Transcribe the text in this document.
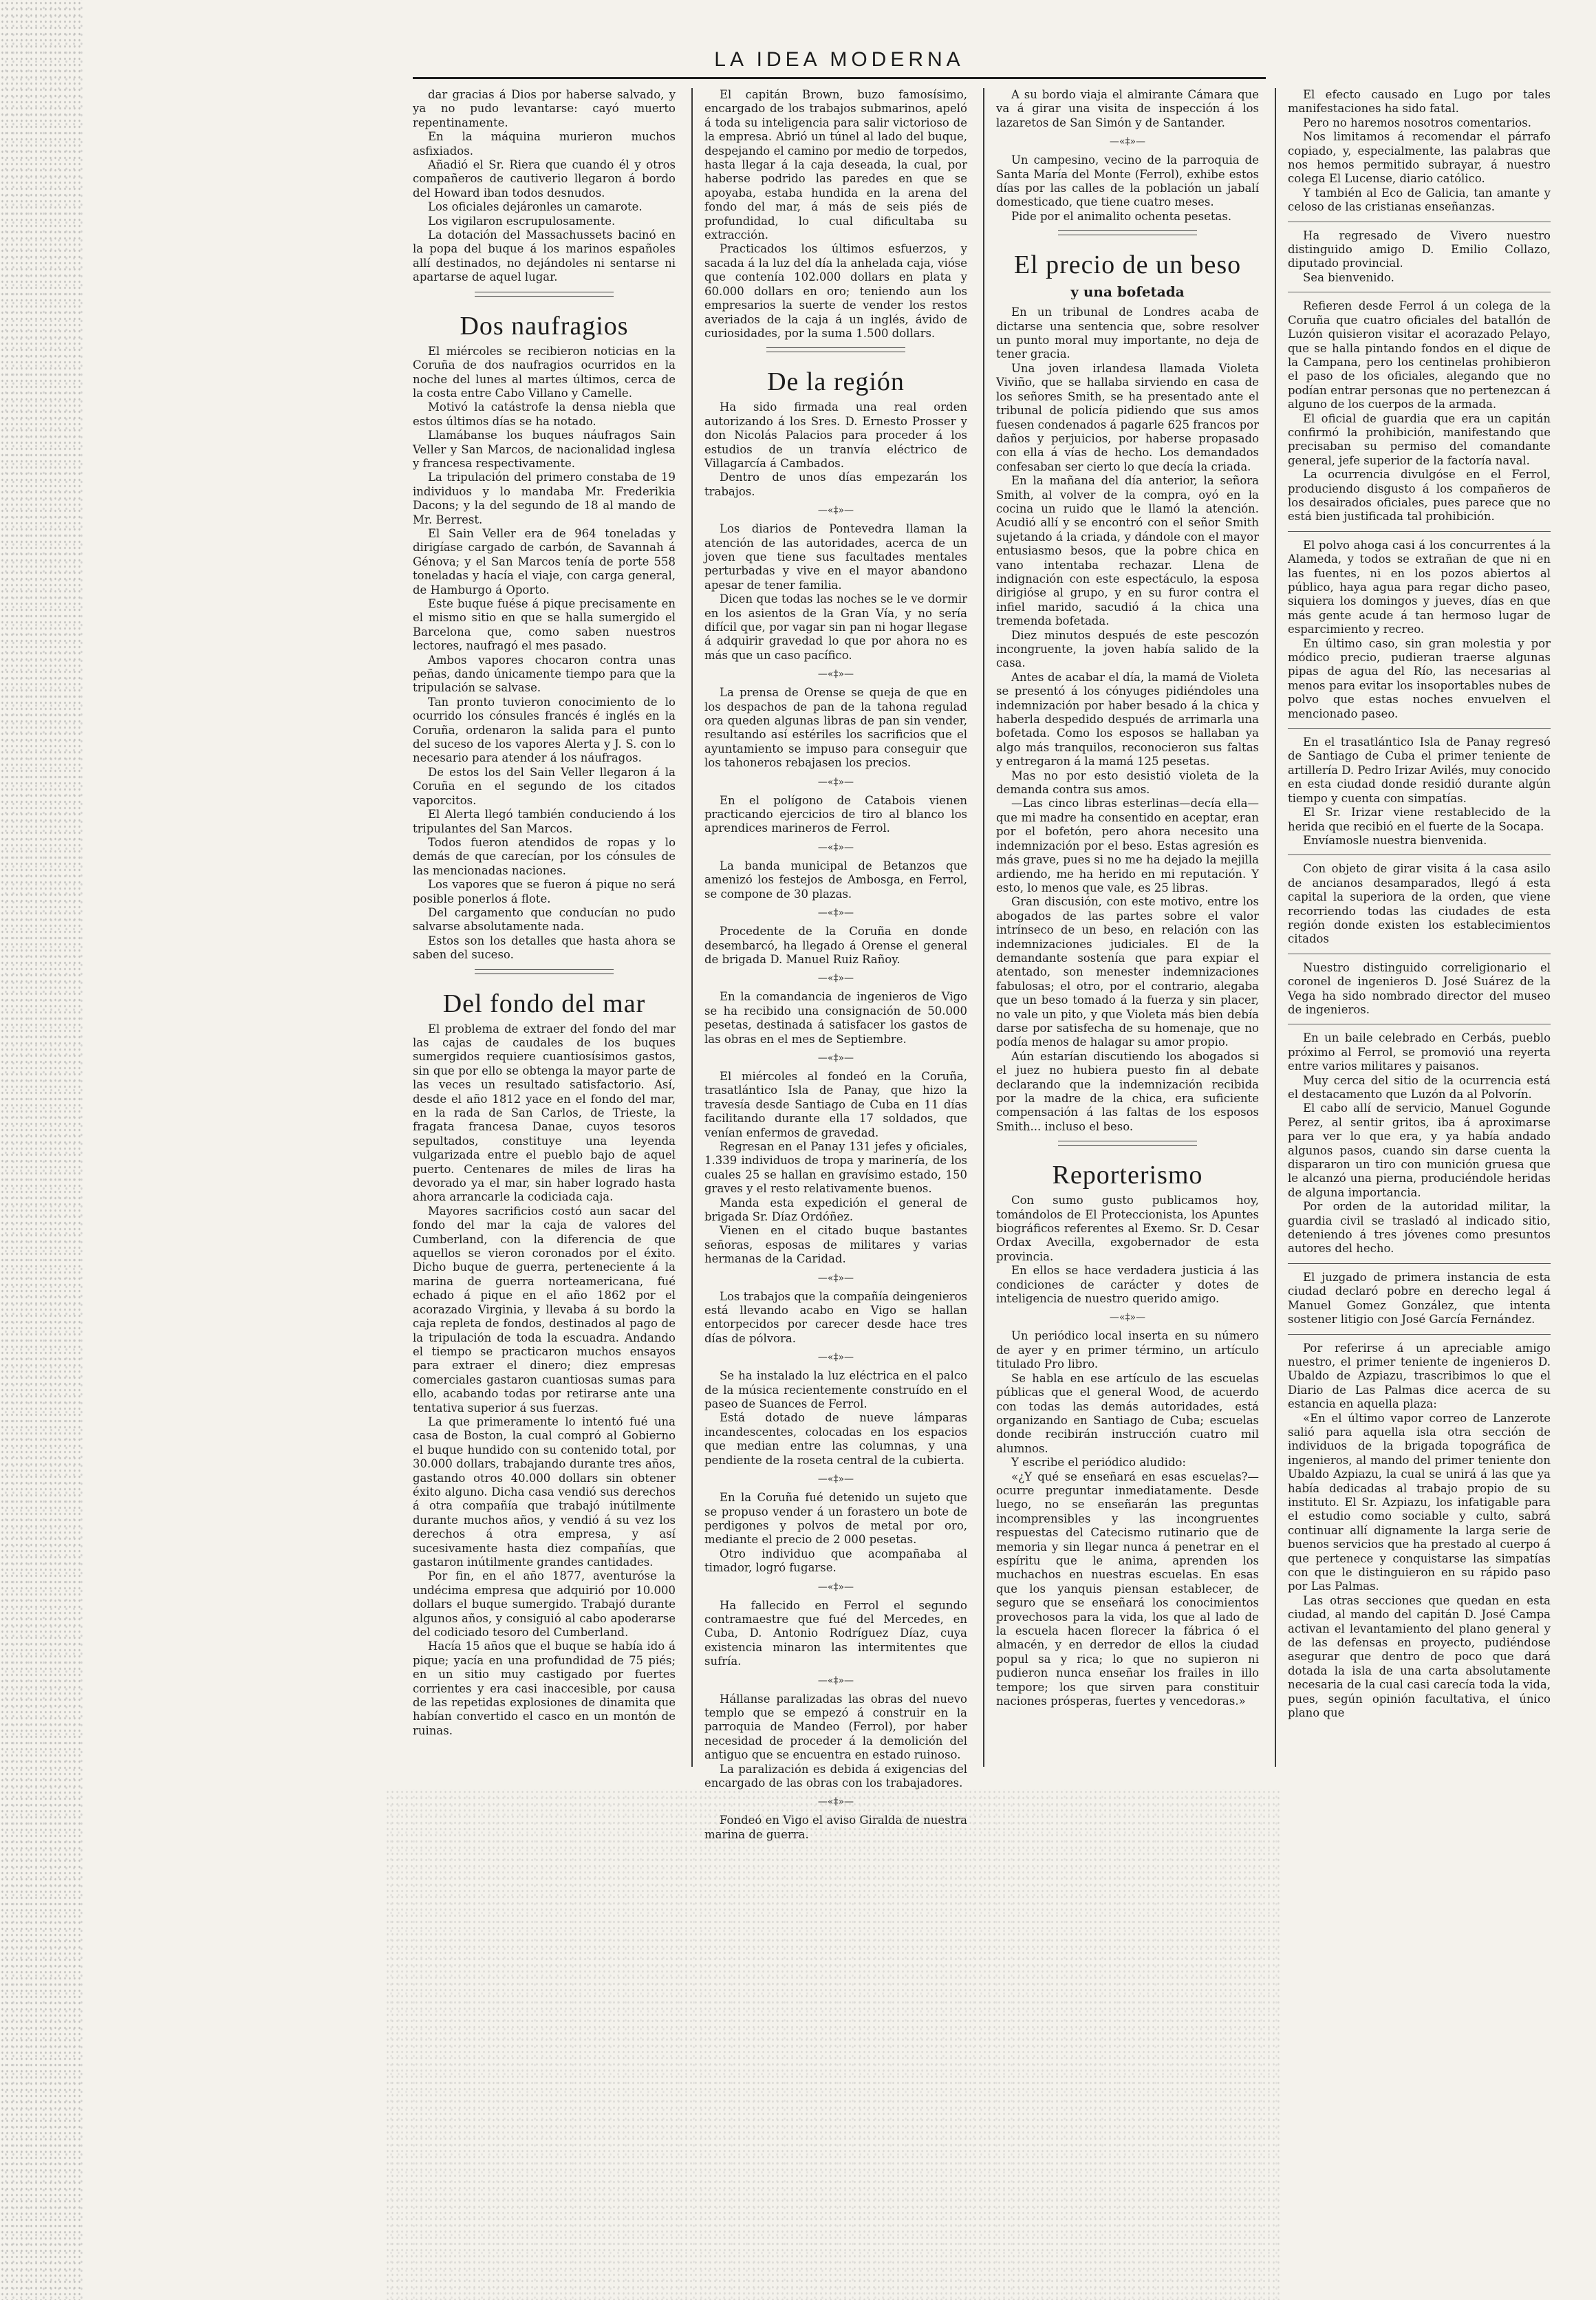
LA IDEA MODERNA

dar gracias á Dios por haberse salvado, y ya no pudo levantarse: cayó muerto repentinamente.

En la máquina murieron muchos asfixiados.

Añadió el Sr. Riera que cuando él y otros compañeros de cautiverio llegaron á bordo del Howard iban todos desnudos.

Los oficiales dejáronles un camarote.

Los vigilaron escrupulosamente.

La dotación del Massachussets bacinó en la popa del buque á los marinos españoles allí destinados, no dejándoles ni sentarse ni apartarse de aquel lugar.

Dos naufragios

El miércoles se recibieron noticias en la Coruña de dos naufragios ocurridos en la noche del lunes al martes últimos, cerca de la costa entre Cabo Villano y Camelle.

Motivó la catástrofe la densa niebla que estos últimos días se ha notado.

Llamábanse los buques náufragos Sain Veller y San Marcos, de nacionalidad inglesa y francesa respectivamente.

La tripulación del primero constaba de 19 individuos y lo mandaba Mr. Frederikia Dacons; y la del segundo de 18 al mando de Mr. Berrest.

El Sain Veller era de 964 toneladas y dirigíase cargado de carbón, de Savannah á Génova; y el San Marcos tenía de porte 558 toneladas y hacía el viaje, con carga general, de Hamburgo á Oporto.

Este buque fuése á pique precisamente en el mismo sitio en que se halla sumergido el Barcelona que, como saben nuestros lectores, naufragó el mes pasado.

Ambos vapores chocaron contra unas peñas, dando únicamente tiempo para que la tripulación se salvase.

Tan pronto tuvieron conocimiento de lo ocurrido los cónsules francés é inglés en la Coruña, ordenaron la salida para el punto del suceso de los vapores Alerta y J. S. con lo necesario para atender á los náufragos.

De estos los del Sain Veller llegaron á la Coruña en el segundo de los citados vaporcitos.

El Alerta llegó también conduciendo á los tripulantes del San Marcos.

Todos fueron atendidos de ropas y lo demás de que carecían, por los cónsules de las mencionadas naciones.

Los vapores que se fueron á pique no será posible ponerlos á flote.

Del cargamento que conducían no pudo salvarse absolutamente nada.

Estos son los detalles que hasta ahora se saben del suceso.

Del fondo del mar

El problema de extraer del fondo del mar las cajas de caudales de los buques sumergidos requiere cuantiosísimos gastos, sin que por ello se obtenga la mayor parte de las veces un resultado satisfactorio. Así, desde el año 1812 yace en el fondo del mar, en la rada de San Carlos, de Trieste, la fragata francesa Danae, cuyos tesoros sepultados, constituye una leyenda vulgarizada entre el pueblo bajo de aquel puerto. Centenares de miles de liras ha devorado ya el mar, sin haber logrado hasta ahora arrancarle la codiciada caja.

Mayores sacrificios costó aun sacar del fondo del mar la caja de valores del Cumberland, con la diferencia de que aquellos se vieron coronados por el éxito. Dicho buque de guerra, perteneciente á la marina de guerra norteamericana, fué echado á pique en el año 1862 por el acorazado Virginia, y llevaba á su bordo la caja repleta de fondos, destinados al pago de la tripulación de toda la escuadra. Andando el tiempo se practicaron muchos ensayos para extraer el dinero; diez empresas comerciales gastaron cuantiosas sumas para ello, acabando todas por retirarse ante una tentativa superior á sus fuerzas.

La que primeramente lo intentó fué una casa de Boston, la cual compró al Gobierno el buque hundido con su contenido total, por 30.000 dollars, trabajando durante tres años, gastando otros 40.000 dollars sin obtener éxito alguno. Dicha casa vendió sus derechos á otra compañía que trabajó inútilmente durante muchos años, y vendió á su vez los derechos á otra empresa, y así sucesivamente hasta diez compañías, que gastaron inútilmente grandes cantidades.

Por fin, en el año 1877, aventuróse la undécima empresa que adquirió por 10.000 dollars el buque sumergido. Trabajó durante algunos años, y consiguió al cabo apoderarse del codiciado tesoro del Cumberland.

Hacía 15 años que el buque se había ido á pique; yacía en una profundidad de 75 piés; en un sitio muy castigado por fuertes corrientes y era casi inaccesible, por causa de las repetidas explosiones de dinamita que habían convertido el casco en un montón de ruinas.

El capitán Brown, buzo famosísimo, encargado de los trabajos submarinos, apeló á toda su inteligencia para salir victorioso de la empresa. Abrió un túnel al lado del buque, despejando el camino por medio de torpedos, hasta llegar á la caja deseada, la cual, por haberse podrido las paredes en que se apoyaba, estaba hundida en la arena del fondo del mar, á más de seis piés de profundidad, lo cual dificultaba su extracción.

Practicados los últimos esfuerzos, y sacada á la luz del día la anhelada caja, vióse que contenía 102.000 dollars en plata y 60.000 dollars en oro; teniendo aun los empresarios la suerte de vender los restos averiados de la caja á un inglés, ávido de curiosidades, por la suma 1.500 dollars.

De la región

Ha sido firmada una real orden autorizando á los Sres. D. Ernesto Prosser y don Nicolás Palacios para proceder á los estudios de un tranvía eléctrico de Villagarcía á Cambados.

Dentro de unos días empezarán los trabajos.

—«‡»—

Los diarios de Pontevedra llaman la atención de las autoridades, acerca de un joven que tiene sus facultades mentales perturbadas y vive en el mayor abandono apesar de tener familia.

Dicen que todas las noches se le ve dormir en los asientos de la Gran Vía, y no sería difícil que, por vagar sin pan ni hogar llegase á adquirir gravedad lo que por ahora no es más que un caso pacífico.

—«‡»—

La prensa de Orense se queja de que en los despachos de pan de la tahona regulad ora queden algunas libras de pan sin vender, resultando así estériles los sacrificios que el ayuntamiento se impuso para conseguir que los tahoneros rebajasen los precios.

—«‡»—

En el polígono de Catabois vienen practicando ejercicios de tiro al blanco los aprendices marineros de Ferrol.

—«‡»—

La banda municipal de Betanzos que amenizó los festejos de Ambosga, en Ferrol, se compone de 30 plazas.

—«‡»—

Procedente de la Coruña en donde desembarcó, ha llegado á Orense el general de brigada D. Manuel Ruiz Rañoy.

—«‡»—

En la comandancia de ingenieros de Vigo se ha recibido una consignación de 50.000 pesetas, destinada á satisfacer los gastos de las obras en el mes de Septiembre.

—«‡»—

El miércoles al fondeó en la Coruña, trasatlántico Isla de Panay, que hizo la travesía desde Santiago de Cuba en 11 días facilitando durante ella 17 soldados, que venían enfermos de gravedad.

Regresan en el Panay 131 jefes y oficiales, 1.339 individuos de tropa y marinería, de los cuales 25 se hallan en gravísimo estado, 150 graves y el resto relativamente buenos.

Manda esta expedición el general de brigada Sr. Díaz Ordóñez.

Vienen en el citado buque bastantes señoras, esposas de militares y varias hermanas de la Caridad.

—«‡»—

Los trabajos que la compañía deingenieros está llevando acabo en Vigo se hallan entorpecidos por carecer desde hace tres días de pólvora.

—«‡»—

Se ha instalado la luz eléctrica en el palco de la música recientemente construído en el paseo de Suances de Ferrol.

Está dotado de nueve lámparas incandescentes, colocadas en los espacios que median entre las columnas, y una pendiente de la roseta central de la cubierta.

—«‡»—

En la Coruña fué detenido un sujeto que se propuso vender á un forastero un bote de perdigones y polvos de metal por oro, mediante el precio de 2 000 pesetas.

Otro individuo que acompañaba al timador, logró fugarse.

—«‡»—

Ha fallecido en Ferrol el segundo contramaestre que fué del Mercedes, en Cuba, D. Antonio Rodríguez Díaz, cuya existencia minaron las intermitentes que sufría.

—«‡»—

Hállanse paralizadas las obras del nuevo templo que se empezó á construir en la parroquia de Mandeo (Ferrol), por haber necesidad de proceder á la demolición del antiguo que se encuentra en estado ruinoso.

La paralización es debida á exigencias del encargado de las obras con los trabajadores.

—«‡»—

Fondeó en Vigo el aviso Giralda de nuestra marina de guerra.

A su bordo viaja el almirante Cámara que va á girar una visita de inspección á los lazaretos de San Simón y de Santander.

—«‡»—

Un campesino, vecino de la parroquia de Santa María del Monte (Ferrol), exhibe estos días por las calles de la población un jabalí domesticado, que tiene cuatro meses.

Pide por el animalito ochenta pesetas.

El precio de un beso
y una bofetada

En un tribunal de Londres acaba de dictarse una sentencia que, sobre resolver un punto moral muy importante, no deja de tener gracia.

Una joven irlandesa llamada Violeta Viviño, que se hallaba sirviendo en casa de los señores Smith, se ha presentado ante el tribunal de policía pidiendo que sus amos fuesen condenados á pagarle 625 francos por daños y perjuicios, por haberse propasado con ella á vías de hecho. Los demandados confesaban ser cierto lo que decía la criada.

En la mañana del día anterior, la señora Smith, al volver de la compra, oyó en la cocina un ruido que le llamó la atención. Acudió allí y se encontró con el señor Smith sujetando á la criada, y dándole con el mayor entusiasmo besos, que la pobre chica en vano intentaba rechazar. Llena de indignación con este espectáculo, la esposa dirigióse al grupo, y en su furor contra el infiel marido, sacudió á la chica una tremenda bofetada.

Diez minutos después de este pescozón incongruente, la joven había salido de la casa.

Antes de acabar el día, la mamá de Violeta se presentó á los cónyuges pidiéndoles una indemnización por haber besado á la chica y haberla despedido después de arrimarla una bofetada. Como los esposos se hallaban ya algo más tranquilos, reconocieron sus faltas y entregaron á la mamá 125 pesetas.

Mas no por esto desistió violeta de la demanda contra sus amos.

—Las cinco libras esterlinas—decía ella—que mi madre ha consentido en aceptar, eran por el bofetón, pero ahora necesito una indemnización por el beso. Estas agresión es más grave, pues si no me ha dejado la mejilla ardiendo, me ha herido en mi reputación. Y esto, lo menos que vale, es 25 libras.

Gran discusión, con este motivo, entre los abogados de las partes sobre el valor intrínseco de un beso, en relación con las indemnizaciones judiciales. El de la demandante sostenía que para expiar el atentado, son menester indemnizaciones fabulosas; el otro, por el contrario, alegaba que un beso tomado á la fuerza y sin placer, no vale un pito, y que Violeta más bien debía darse por satisfecha de su homenaje, que no podía menos de halagar su amor propio.

Aún estarían discutiendo los abogados si el juez no hubiera puesto fin al debate declarando que la indemnización recibida por la madre de la chica, era suficiente compensación á las faltas de los esposos Smith... incluso el beso.

Reporterismo

Con sumo gusto publicamos hoy, tomándolos de El Proteccionista, los Apuntes biográficos referentes al Exemo. Sr. D. Cesar Ordax Avecilla, exgobernador de esta provincia.

En ellos se hace verdadera justicia á las condiciones de carácter y dotes de inteligencia de nuestro querido amigo.

—«‡»—

Un periódico local inserta en su número de ayer y en primer término, un artículo titulado Pro libro.

Se habla en ese artículo de las escuelas públicas que el general Wood, de acuerdo con todas las demás autoridades, está organizando en Santiago de Cuba; escuelas donde recibirán instrucción cuatro mil alumnos.

Y escribe el periódico aludido:

«¿Y qué se enseñará en esas escuelas?—ocurre preguntar inmediatamente. Desde luego, no se enseñarán las preguntas incomprensibles y las incongruentes respuestas del Catecismo rutinario que de memoria y sin llegar nunca á penetrar en el espíritu que le anima, aprenden los muchachos en nuestras escuelas. En esas que los yanquis piensan establecer, de seguro que se enseñará los conocimientos provechosos para la vida, los que al lado de la escuela hacen florecer la fábrica ó el almacén, y en derredor de ellos la ciudad popul sa y rica; lo que no supieron ni pudieron nunca enseñar los frailes in illo tempore; los que sirven para constituir naciones prósperas, fuertes y vencedoras.»

El efecto causado en Lugo por tales manifestaciones ha sido fatal.

Pero no haremos nosotros comentarios.

Nos limitamos á recomendar el párrafo copiado, y, especialmente, las palabras que nos hemos permitido subrayar, á nuestro colega El Lucense, diario católico.

Y también al Eco de Galicia, tan amante y celoso de las cristianas enseñanzas.

Ha regresado de Vivero nuestro distinguido amigo D. Emilio Collazo, diputado provincial.

Sea bienvenido.

Refieren desde Ferrol á un colega de la Coruña que cuatro oficiales del batallón de Luzón quisieron visitar el acorazado Pelayo, que se halla pintando fondos en el dique de la Campana, pero los centinelas prohibieron el paso de los oficiales, alegando que no podían entrar personas que no pertenezcan á alguno de los cuerpos de la armada.

El oficial de guardia que era un capitán confirmó la prohibición, manifestando que precisaban su permiso del comandante general, jefe superior de la factoría naval.

La ocurrencia divulgóse en el Ferrol, produciendo disgusto á los compañeros de los desairados oficiales, pues parece que no está bien justificada tal prohibición.

El polvo ahoga casi á los concurrentes á la Alameda, y todos se extrañan de que ni en las fuentes, ni en los pozos abiertos al público, haya agua para regar dicho paseo, siquiera los domingos y jueves, días en que más gente acude á tan hermoso lugar de esparcimiento y recreo.

En último caso, sin gran molestia y por módico precio, pudieran traerse algunas pipas de agua del Río, las necesarias al menos para evitar los insoportables nubes de polvo que estas noches envuelven el mencionado paseo.

En el trasatlántico Isla de Panay regresó de Santiago de Cuba el primer teniente de artillería D. Pedro Irizar Avilés, muy conocido en esta ciudad donde residió durante algún tiempo y cuenta con simpatías.

El Sr. Irizar viene restablecido de la herida que recibió en el fuerte de la Socapa.

Envíamosle nuestra bienvenida.

Con objeto de girar visita á la casa asilo de ancianos desamparados, llegó á esta capital la superiora de la orden, que viene recorriendo todas las ciudades de esta región donde existen los establecimientos citados

Nuestro distinguido correligionario el coronel de ingenieros D. José Suárez de la Vega ha sido nombrado director del museo de ingenieros.

En un baile celebrado en Cerbás, pueblo próximo al Ferrol, se promovió una reyerta entre varios militares y paisanos.

Muy cerca del sitio de la ocurrencia está el destacamento que Luzón da al Polvorín.

El cabo allí de servicio, Manuel Gogunde Perez, al sentir gritos, iba á aproximarse para ver lo que era, y ya había andado algunos pasos, cuando sin darse cuenta la dispararon un tiro con munición gruesa que le alcanzó una pierna, produciéndole heridas de alguna importancia.

Por orden de la autoridad militar, la guardia civil se trasladó al indicado sitio, deteniendo á tres jóvenes como presuntos autores del hecho.

El juzgado de primera instancia de esta ciudad declaró pobre en derecho legal á Manuel Gomez González, que intenta sostener litigio con José García Fernández.

Por referirse á un apreciable amigo nuestro, el primer teniente de ingenieros D. Ubaldo de Azpiazu, trascribimos lo que el Diario de Las Palmas dice acerca de su estancia en aquella plaza:

«En el último vapor correo de Lanzerote salió para aquella isla otra sección de individuos de la brigada topográfica de ingenieros, al mando del primer teniente don Ubaldo Azpiazu, la cual se unirá á las que ya había dedicadas al trabajo propio de su instituto. El Sr. Azpiazu, los infatigable para el estudio como sociable y culto, sabrá continuar allí dignamente la larga serie de buenos servicios que ha prestado al cuerpo á que pertenece y conquistarse las simpatías con que le distinguieron en su rápido paso por Las Palmas.

Las otras secciones que quedan en esta ciudad, al mando del capitán D. José Campa activan el levantamiento del plano general y de las defensas en proyecto, pudiéndose asegurar que dentro de poco que dará dotada la isla de una carta absolutamente necesaria de la cual casi carecía toda la vida, pues, según opinión facultativa, el único plano que
